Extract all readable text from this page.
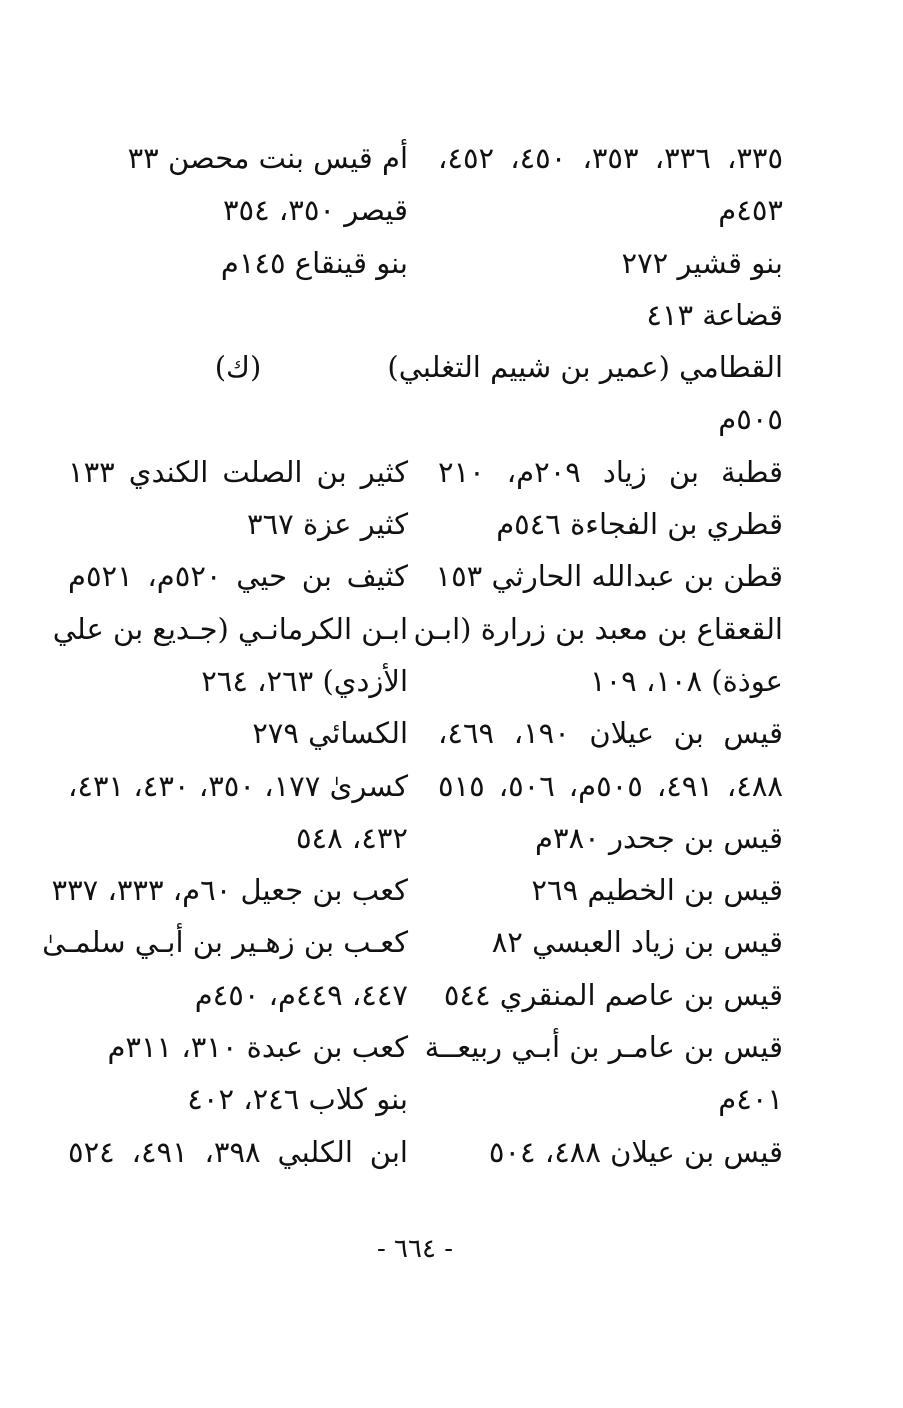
٣٣٥، ٣٣٦، ٣٥٣، ٤٥٠، ٤٥٢،
٤٥٣م
بنو قشير ٢٧٢
قضاعة ٤١٣
القطامي (عمير بن شييم التغلبي)
٥٠٥م
قطبة بن زياد ٢٠٩م، ٢١٠
قطري بن الفجاءة ٥٤٦م
قطن بن عبدالله الحارثي ١٥٣
القعقاع بن معبد بن زرارة (ابـن
عوذة) ١٠٨، ١٠٩
قيس بن عيلان ١٩٠، ٤٦٩،
٤٨٨، ٤٩١، ٥٠٥م، ٥٠٦، ٥١٥
قيس بن جحدر ٣٨٠م
قيس بن الخطيم ٢٦٩
قيس بن زياد العبسي ٨٢
قيس بن عاصم المنقري ٥٤٤
قيس بن عامـر بن أبـي ربيعــة
٤٠١م
قيس بن عيلان ٤٨٨، ٥٠٤
أم قيس بنت محصن ٣٣
قيصر ٣٥٠، ٣٥٤
بنو قينقاع ١٤٥م
(ك)
كثير بن الصلت الكندي ١٣٣
كثير عزة ٣٦٧
كثيف بن حيي ٥٢٠م، ٥٢١م
ابـن الكرمانـي (جـديع بن علي
الأزدي) ٢٦٣، ٢٦٤
الكسائي ٢٧٩
كسرىٰ ١٧٧، ٣٥٠، ٤٣٠، ٤٣١،
٤٣٢، ٥٤٨
كعب بن جعيل ٦٠م، ٣٣٣، ٣٣٧
كعـب بن زهـير بن أبـي سلمـىٰ
٤٤٧، ٤٤٩م، ٤٥٠م
كعب بن عبدة ٣١٠، ٣١١م
بنو كلاب ٢٤٦، ٤٠٢
ابن الكلبي ٣٩٨، ٤٩١، ٥٢٤
- ٦٦٤ -
